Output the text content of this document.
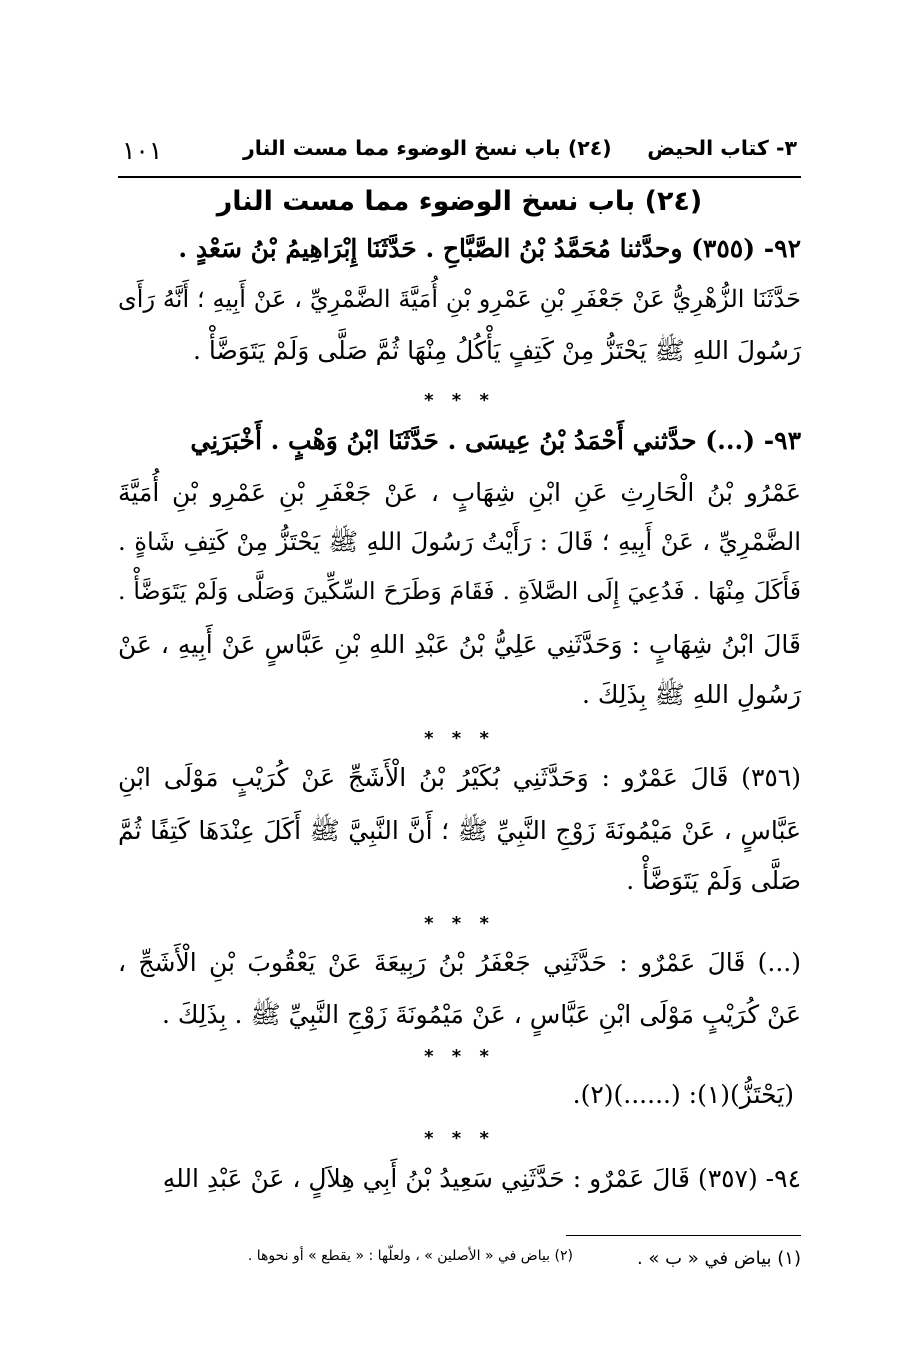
١٠١	٣- كتاب الحيض     (٢٤) باب نسخ الوضوء مما مست النار
(٢٤) باب نسخ الوضوء مما مست النار
٩٢- (٣٥٥) وحدَّثنا مُحَمَّدُ بْنُ الصَّبَّاحِ . حَدَّثَنَا إِبْرَاهِيمُ بْنُ سَعْدٍ .
حَدَّثَنَا الزُّهْرِيُّ عَنْ جَعْفَرِ بْنِ عَمْرِو بْنِ أُمَيَّةَ الضَّمْرِيِّ ، عَنْ أَبِيهِ ؛ أَنَّهُ رَأَى
رَسُولَ اللهِ ﷺ يَحْتَزُّ مِنْ كَتِفٍ يَأْكُلُ مِنْهَا ثُمَّ صَلَّى وَلَمْ يَتَوَضَّأْ .
* * *
٩٣- (...) حدَّثني أَحْمَدُ بْنُ عِيسَى . حَدَّثَنَا ابْنُ وَهْبٍ . أَخْبَرَنِي
عَمْرُو بْنُ الْحَارِثِ عَنِ ابْنِ شِهَابٍ ، عَنْ جَعْفَرِ بْنِ عَمْرِو بْنِ أُمَيَّةَ
الضَّمْرِيِّ ، عَنْ أَبِيهِ ؛ قَالَ : رَأَيْتُ رَسُولَ اللهِ ﷺ يَحْتَزُّ مِنْ كَتِفِ شَاةٍ .
فَأَكَلَ مِنْهَا . فَدُعِيَ إِلَى الصَّلاَةِ . فَقَامَ وَطَرَحَ السِّكِّينَ وَصَلَّى وَلَمْ يَتَوَضَّأْ .
قَالَ ابْنُ شِهَابٍ : وَحَدَّثَنِي عَلِيُّ بْنُ عَبْدِ اللهِ بْنِ عَبَّاسٍ عَنْ أَبِيهِ ، عَنْ
رَسُولِ اللهِ ﷺ بِذَلِكَ .
* * *
(٣٥٦) قَالَ عَمْرٌو : وَحَدَّثَنِي بُكَيْرُ بْنُ الْأَشَجِّ عَنْ كُرَيْبٍ مَوْلَى ابْنِ
عَبَّاسٍ ، عَنْ مَيْمُونَةَ زَوْجِ النَّبِيِّ ﷺ ؛ أَنَّ النَّبِيَّ ﷺ أَكَلَ عِنْدَهَا كَتِفًا ثُمَّ
صَلَّى وَلَمْ يَتَوَضَّأْ .
* * *
(...) قَالَ عَمْرٌو : حَدَّثَنِي جَعْفَرُ بْنُ رَبِيعَةَ عَنْ يَعْقُوبَ بْنِ الْأَشَجِّ ،
عَنْ كُرَيْبٍ مَوْلَى ابْنِ عَبَّاسٍ ، عَنْ مَيْمُونَةَ زَوْجِ النَّبِيِّ ﷺ . بِذَلِكَ .
* * *
(يَحْتَزُّ)(١): (......)(٢).
* * *
٩٤- (٣٥٧) قَالَ عَمْرٌو : حَدَّثَنِي سَعِيدُ بْنُ أَبِي هِلاَلٍ ، عَنْ عَبْدِ اللهِ
(١) بياض في « ب » .
(٢) بياض في « الأصلين » ، ولعلّها : « يقطع » أو نحوها .
